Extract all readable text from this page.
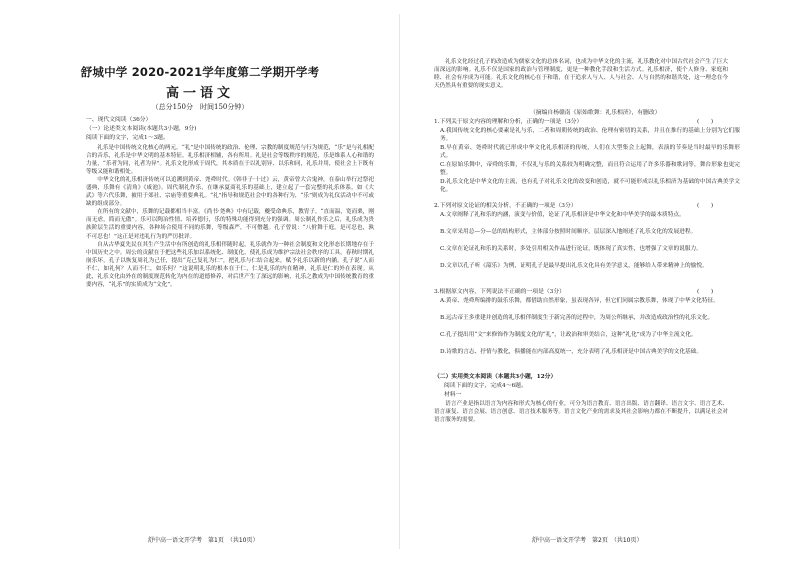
舒城中学 2020-2021学年度第二学期开学考
高一语文
（总分150分　时间150分钟）
一、现代文阅读（36分）
（一）论述类文本阅读(本题共3小题，9分)
阅读下面的文字，完成1～3题。

礼乐是中国传统文化核心的两元。“礼”是中国传统的政治、伦理、宗教的制度规范与行为规范，“乐”是与礼相配合的音乐，礼乐是中华文明的基本特征。礼乐相济相辅，各有所用。礼是社会等级秩序的规范，乐是维系人心和谐的力量，“乐者为同，礼者为异”。礼乐文化形成于周代，其本质在于以礼别异、以乐和同，礼乐并用，使社会上下既有等级又能和谐相处。

中华文化的礼乐相济传统可以追溯到黄帝、尧舜时代。《韩非子·十过》云，黄帝曾大合鬼神，在泰山举行过祭祀盛典，乐舞有《清角》《咸池》。周代制礼作乐，在继承夏商礼乐的基础上，建立起了一套完整的礼乐体系，如《大武》等六代乐舞，被用于郊社、宗庙等重要典礼。“礼”指导和规范社会中的各种行为，“乐”则成为礼仪活动中不可或缺的组成部分。

在所有的文献中，乐舞的记载都相当丰富。《尚书·尧典》中有记载，夔受命典乐，教胄子，“直而温，宽而栗，刚而无虐，简而无傲”。乐可以陶冶性情、培养德行，乐的特殊功能得到充分的强调。周公制礼作乐之后，礼乐成为贵族阶层生活的重要内容，各种场合使用不同的乐舞，等级森严，不可僭越。孔子曾说：“八佾舞于庭，是可忍也，孰不可忍也！”这正是对违礼行为的严厉批评。

自从古华夏先民在其生产生活中有所创造的礼乐相伴随时起，礼乐就作为一种社会制度和文化形态长期地存在于中国历史之中。周公的贡献在于把这些礼乐加以系统化、制度化，使礼乐成为维护宗法社会秩序的工具。春秋时期礼崩乐坏，孔子以恢复周礼为己任，提出“克己复礼为仁”，把礼乐与仁结合起来，赋予礼乐以新的内涵。孔子说“人而不仁，如礼何？人而不仁，如乐何？”这说明礼乐的根本在于仁，仁是礼乐的内在精神，礼乐是仁的外在表现。从此，礼乐文化由外在的制度规范转化为内在的道德修养，对后世产生了深远的影响，礼乐之教成为中国传统教育的重要内容，“礼乐”的实质成为“文化”。

舒中高一语文开学考　第1页　（共10页）

礼乐文化经过孔子的改造成为儒家文化的总体名词，也成为中华文化的主流，礼乐教化对中国古代社会产生了巨大而深远的影响。礼乐不仅是国家的政治与管理制度，更是一种教化手段和生活方式。礼乐相济，使个人修身、家庭和睦、社会有序成为可能。礼乐文化的核心在于和谐，在于追求人与人、人与社会、人与自然的和谐共处，这一理念在今天仍然具有重要的现实意义。

（摘编自杨赣南《原始歌舞：礼乐相济》，有删改）
1.下列关于原文内容的理解和分析，正确的一项是（3分）	(　　)
A.我国传统文化的核心要素是礼与乐，二者和周朝传统的政治、伦理有密切的关系，并且在推行的基础上分别为它们服务。
B.早在黄帝、尧舜时代就已形成中华文化礼乐相济的传统，人们在大型集会上起舞，表演的节奏是当时最早的乐舞形式。
C.在原始乐舞中，帝舜的乐舞，不仅礼与乐的关系较为明确完整，而且符合运用了许多乐器和歌词等，舞台形象也更完整。
D.礼乐文化是中华文化的主流，也有孔子对礼乐文化的改变和创造，就不可能形成以礼乐相济为基础的中国古典美学文化。
2.下列对原文论证的相关分析，不正确的一项是（3分）	(　　)
A.文章阐释了礼和乐的内涵，演变与价值，论证了礼乐相济是中华文化和中华美学的最本质特点。
B.文章采用总—分—总的结构形式，主体部分按照时间顺序，层层深入地阐述了礼乐文化的发展进程。
C.文章在论证礼和乐的关系时，多处引用相关作品进行论证，既体现了真实性，也增强了文章的说服力。
D.文章以孔子听《韶乐》为例，证明孔子是最早提出礼乐文化具有美学意义，能够给人带来精神上的愉悦。
3.根据原文内容，下列说法不正确的一项是（3分）	(　　)
A.黄帝、尧舜所编排的鼓乐乐舞，都借助自然形象，虽表现各异，但它们同属宗教乐舞，体现了中华文化特征。
B.远古帝王多重建并创造的礼乐相伴制度生于新完善的过程中，为周公所继承，并改造成政治性的礼乐文化。
C.孔子提出用“文”来修饰作为制度文化的“礼”，让政治和审美结合，这种“礼化”成为了中华主流文化。
D.诗歌的言志、抒情与教化，俱播能在内部高度统一，充分表明了礼乐相济是中国古典美学的文化基础。
（二）实用类文本阅读（本题共3小题，12分）
阅读下面的文字，完成4～6题。
材料一

语言产业是指以语言为内容和形式为核心的行业，可分为语言教育、语言出版、语言翻译、语言文字、语言艺术、语言康复、语言会展、语言创意、语言技术服务等。语言文化产业的需求及其社会影响力都在不断提升，以满足社会对语言服务的需要。

舒中高一语文开学考　第2页　（共10页）
